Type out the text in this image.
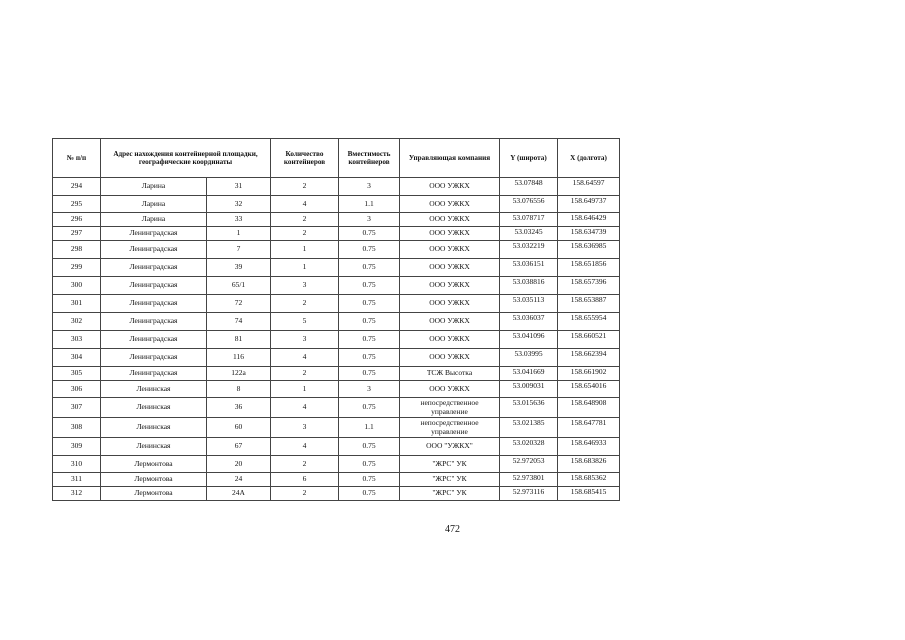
№ п/п	Адрес нахождения контейнерной площадки, географические координаты		Количество контейнеров	Вместимость контейнеров	Управляющая компания	Y (широта)	X (долгота)
294	Ларина	31	2	3	ООО УЖКХ	53.07848	158.64597
295	Ларина	32	4	1.1	ООО УЖКХ	53.076556	158.649737
296	Ларина	33	2	3	ООО УЖКХ	53.078717	158.646429
297	Ленинградская	1	2	0.75	ООО УЖКХ	53.03245	158.634739
298	Ленинградская	7	1	0.75	ООО УЖКХ	53.032219	158.636985
299	Ленинградская	39	1	0.75	ООО УЖКХ	53.036151	158.651856
300	Ленинградская	65/1	3	0.75	ООО УЖКХ	53.038816	158.657396
301	Ленинградская	72	2	0.75	ООО УЖКХ	53.035113	158.653887
302	Ленинградская	74	5	0.75	ООО УЖКХ	53.036037	158.655954
303	Ленинградская	81	3	0.75	ООО УЖКХ	53.041096	158.660521
304	Ленинградская	116	4	0.75	ООО УЖКХ	53.03995	158.662394
305	Ленинградская	122а	2	0.75	ТСЖ Высотка	53.041669	158.661902
306	Ленинская	8	1	3	ООО УЖКХ	53.009031	158.654016
307	Ленинская	36	4	0.75	непосредственное управление	53.015636	158.648908
308	Ленинская	60	3	1.1	непосредственное управление	53.021385	158.647781
309	Ленинская	67	4	0.75	ООО "УЖКХ"	53.020328	158.646933
310	Лермонтова	20	2	0.75	"ЖРС" УК	52.972053	158.683826
311	Лермонтова	24	6	0.75	"ЖРС" УК	52.973801	158.685362
312	Лермонтова	24А	2	0.75	"ЖРС" УК	52.973116	158.685415
472
